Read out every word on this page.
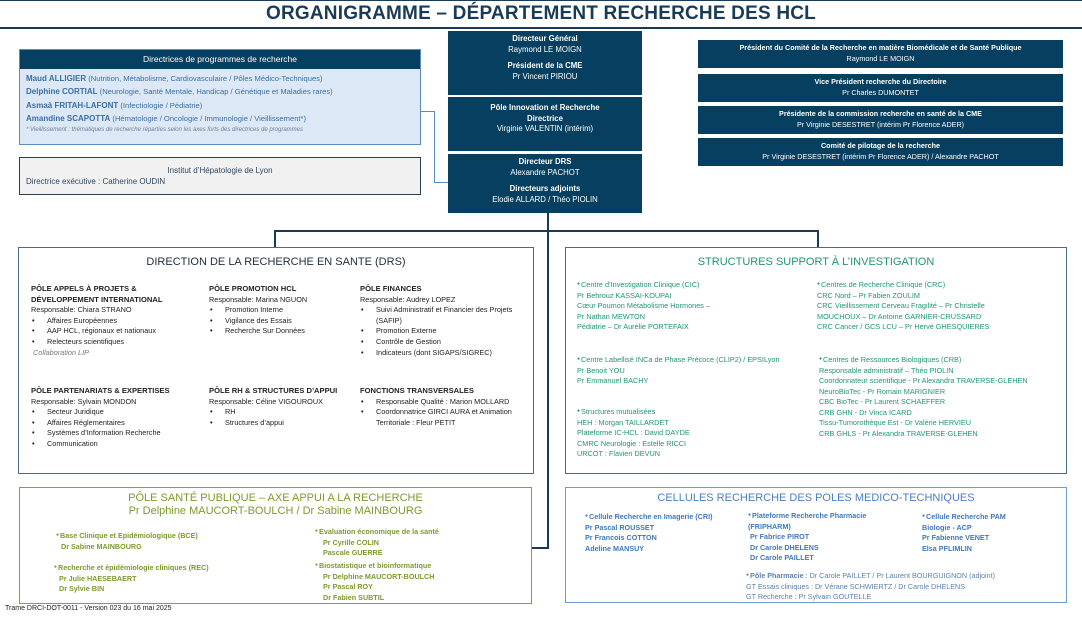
ORGANIGRAMME – DÉPARTEMENT RECHERCHE DES HCL
Directrices de programmes de recherche
Maud ALLIGIER (Nutrition, Métabolisme, Cardiovasculaire / Pôles Médico-Techniques)
Delphine CORTIAL (Neurologie, Santé Mentale, Handicap / Génétique et Maladies rares)
Asmaà FRITAH-LAFONT (Infectiologie / Pédiatrie)
Amandine SCAPOTTA (Hématologie / Oncologie / Immunologie / Vieillissement*)
* Vieillissement : thématiques de recherche réparties selon les axes forts des directrices de programmes
Institut d’Hépatologie de Lyon
Directrice exécutive : Catherine OUDIN
Directeur Général
Raymond LE MOIGN
Président de la CME
Pr Vincent PIRIOU
Pôle Innovation et Recherche
Directrice
Virginie VALENTIN (intérim)
Directeur DRS
Alexandre PACHOT
Directeurs adjoints
Elodie ALLARD / Théo PIOLIN
Président du Comité de la Recherche en matière Biomédicale et de Santé Publique
Raymond LE MOIGN
Vice Président recherche du Directoire
Pr Charles DUMONTET
Présidente de la commission recherche en santé de la CME
Pr Virginie DESESTRET (intérim Pr Florence ADER)
Comité de pilotage de la recherche
Pr Virginie DESESTRET (intérim Pr Florence ADER) / Alexandre PACHOT
DIRECTION DE LA RECHERCHE EN SANTE (DRS)
PÔLE APPELS À PROJETS & DÉVELOPPEMENT INTERNATIONAL
Responsable: Chiara STRANO
• Affaires Européennes
• AAP HCL, régionaux et nationaux
• Relecteurs scientifiques
Collaboration LIP
PÔLE PROMOTION HCL
Responsable: Marina NGUON
• Promotion Interne
• Vigilance des Essais
• Recherche Sur Données
PÔLE FINANCES
Responsable: Audrey LOPEZ
• Suivi Administratif et Financier des Projets (SAFIP)
• Promotion Externe
• Contrôle de Gestion
• Indicateurs (dont SIGAPS/SIGREC)
PÔLE PARTENARIATS & EXPERTISES
Responsable: Sylvain MONDON
• Secteur Juridique
• Affaires Réglementaires
• Systèmes d’Information Recherche
• Communication
PÔLE RH & STRUCTURES D’APPUI
Responsable: Céline VIGOUROUX
• RH
• Structures d’appui
FONCTIONS TRANSVERSALES
• Responsable Qualité : Marion MOLLARD
• Coordonnatrice GIRCI AURA et Animation Territoriale : Fleur PETIT
STRUCTURES SUPPORT À L’INVESTIGATION
● Centre d’Investigation Clinique (CIC)
Pr Behrouz KASSAI-KOUPAI
Cœur Poumon Métabolisme Hormones –
Pr Nathan MEWTON
Pédiatrie – Dr Aurélie PORTEFAIX
● Centres de Recherche Clinique (CRC)
CRC Nord – Pr Fabien ZOULIM
CRC Vieillissement Cerveau Fragilité – Pr Christelle
MOUCHOUX – Dr Antoine GARNIER-CRUSSARD
CRC Cancer / GCS LCU – Pr Hervé GHESQUIERES
● Centre Labellisé INCa de Phase Précoce (CLIP2) / EPSILyon
Pr Benoit YOU
Pr Emmanuel BACHY
● Centres de Ressources Biologiques (CRB)
Responsable administratif – Théo PIOLIN
Coordonnateur scientifique - Pr Alexandra TRAVERSE-GLEHEN
NeuroBioTec - Pr Romain MARIGNIER
CBC BioTec - Pr Laurent SCHAEFFER
CRB GHN - Dr Vinca ICARD
Tissu-Tumorothèque Est - Dr Valérie HERVIEU
CRB GHLS - Pr Alexandra TRAVERSE-GLEHEN
● Structures mutualisées
HEH : Morgan TAILLARDET
Plateforme IC-HCL : David DAYDE
CMRC Neurologie : Estelle RICCI
URCOT : Flavien DEVUN
PÔLE SANTÉ PUBLIQUE – AXE APPUI A LA RECHERCHE
Pr Delphine MAUCORT-BOULCH / Dr Sabine MAINBOURG
● Base Clinique et Epidémiologique (BCE)
Dr Sabine MAINBOURG
● Recherche et épidémiologie cliniques (REC)
Pr Julie HAESEBAERT
Dr Sylvie BIN
● Evaluation économique de la santé
Pr Cyrille COLIN
Pascale GUERRE
● Biostatistique et bioinformatique
Pr Delphine MAUCORT-BOULCH
Pr Pascal ROY
Dr Fabien SUBTIL
CELLULES RECHERCHE DES POLES MEDICO-TECHNIQUES
● Cellule Recherche en Imagerie (CRI)
Pr Pascal ROUSSET
Pr Francois COTTON
Adeline MANSUY
● Plateforme Recherche Pharmacie
(FRIPHARM)
Pr Fabrice PIROT
Dr Carole DHELENS
Dr Carole PAILLET
● Cellule Recherche PAM
Biologie - ACP
Pr Fabienne VENET
Elsa PFLIMLIN
● Pôle Pharmacie : Dr Carole PAILLET / Pr Laurent BOURGUIGNON (adjoint)
GT Essais cliniques : Dr Vérane SCHWIERTZ / Dr Carole DHELENS
GT Recherche : Pr Sylvain GOUTELLE
Trame DRCI-DOT-0011 - Version 023 du 16 mai 2025
